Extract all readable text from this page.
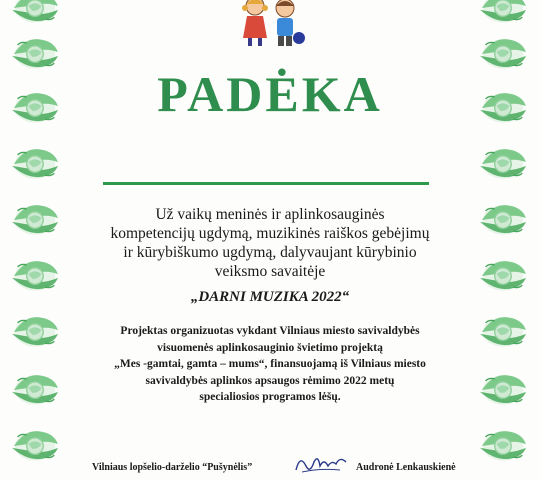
PADĖKA
Už vaikų meninės ir aplinkosauginės
kompetencijų ugdymą, muzikinės raiškos gebėjimų
ir kūrybiškumo ugdymą, dalyvaujant kūrybinio
veiksmo savaitėje
„DARNI MUZIKA 2022“
Projektas organizuotas vykdant Vilniaus miesto savivaldybės
visuomenės aplinkosauginio švietimo projektą
„Mes -gamtai, gamta – mums“, finansuojamą iš Vilniaus miesto
savivaldybės aplinkos apsaugos rėmimo 2022 metų
specialiosios programos lėšų.
Vilniaus lopšelio-darželio “Pušynėlis”	Audronė Lenkauskienė
